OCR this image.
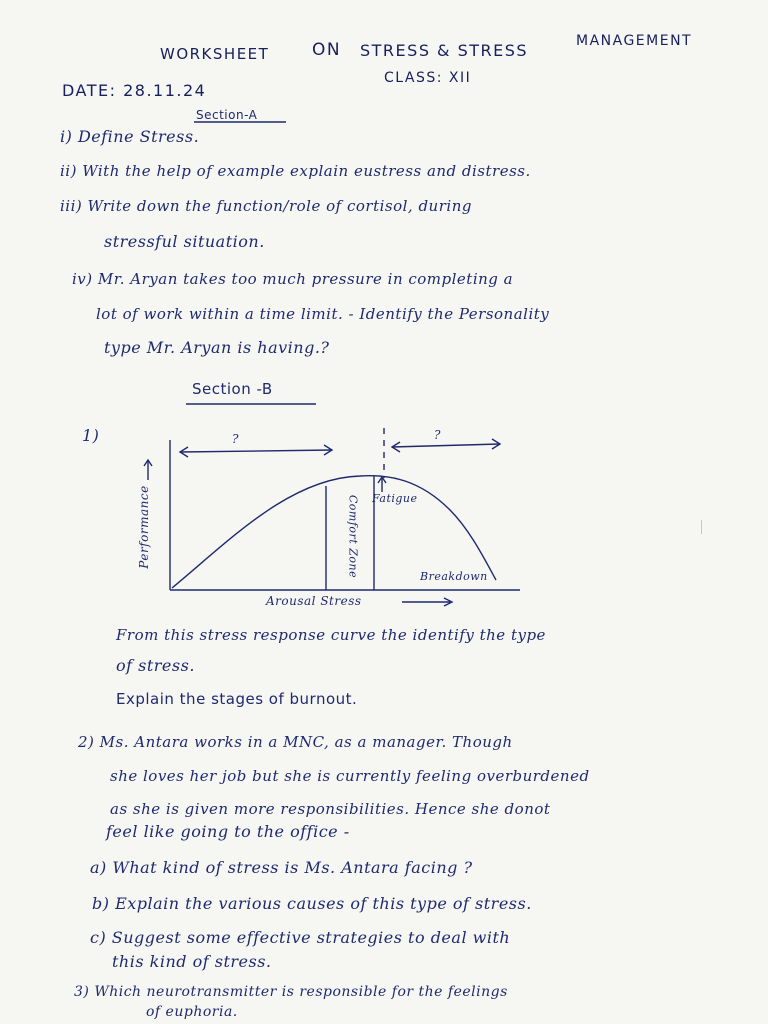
WORKSHEET	ON STRESS & STRESS	MANAGEMENT
DATE: 28.11.24
CLASS: XII
Section-A
i) Define Stress.
ii) With the help of example explain eustress and distress.
iii) Write down the function/role of cortisol, during
stressful situation.
iv) Mr. Aryan takes too much pressure in completing a
lot of work within a time limit. - Identify the Personality
type Mr. Aryan is having.?
Section -B
1)	?	?
Performance	Comfort Zone Fatigue
Breakdown
Arousal Stress
From this stress response curve the identify the type
of stress.
Explain the stages of burnout.
2) Ms. Antara works in a MNC, as a manager. Though
she loves her job but she is currently feeling overburdened
as she is given more responsibilities. Hence she donot
feel like going to the office -
a) What kind of stress is Ms. Antara facing ?
b) Explain the various causes of this type of stress.
c) Suggest some effective strategies to deal with
this kind of stress.
3) Which neurotransmitter is responsible for the feelings
of euphoria.
